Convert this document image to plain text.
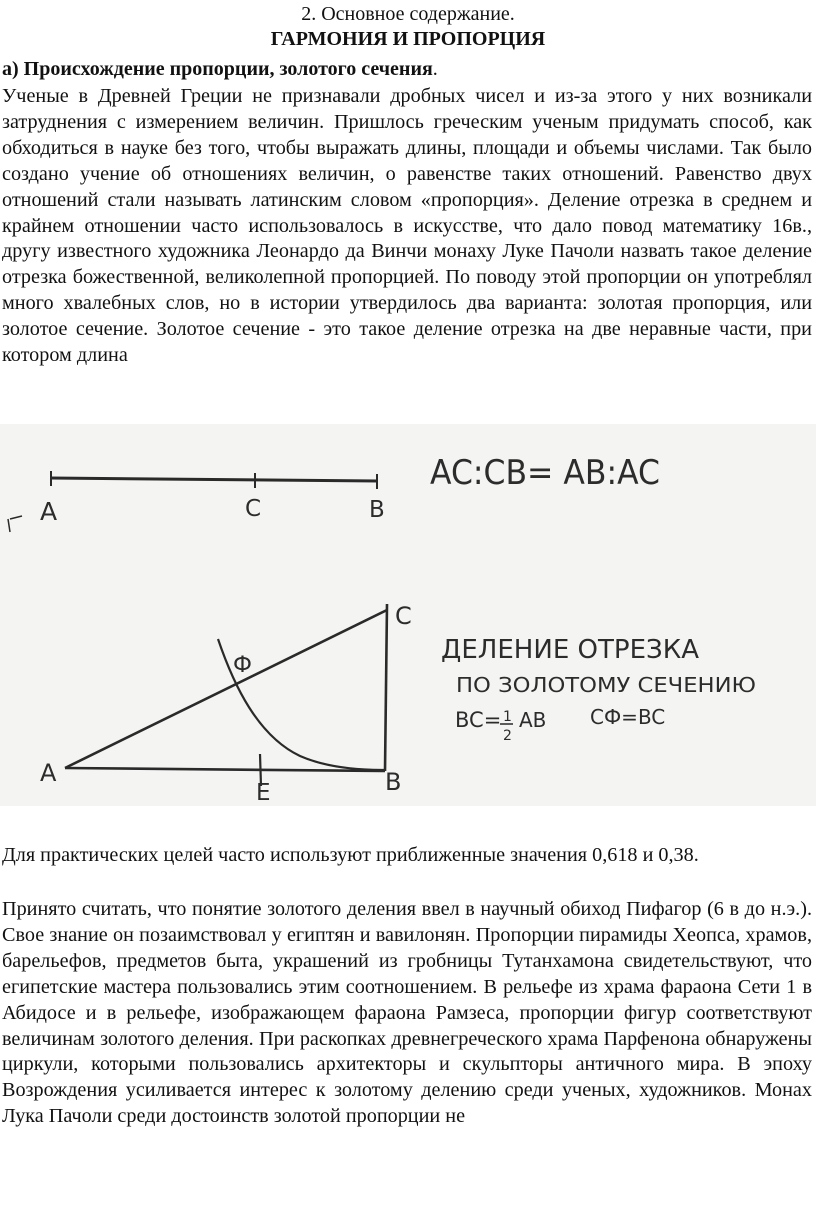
2. Основное содержание.
ГАРМОНИЯ И ПРОПОРЦИЯ
а) Происхождение пропорции, золотого сечения.

Ученые в Древней Греции не признавали дробных чисел и из-за этого у них возникали затруднения с измерением величин. Пришлось греческим ученым придумать способ, как обходиться в науке без того, чтобы выражать длины, площади и объемы числами. Так было создано учение об отношениях величин, о равенстве таких отношений. Равенство двух отношений стали называть латинским словом «пропорция». Деление отрезка в среднем и крайнем отношении часто использовалось в искусстве, что дало повод математику 16в., другу известного художника Леонардо да Винчи монаху Луке Пачоли назвать такое деление отрезка божественной, великолепной пропорцией. По поводу этой пропорции он употреблял много хвалебных слов, но в истории утвердилось два варианта: золотая пропорция, или золотое сечение. Золотое сечение - это такое деление отрезка на две неравные части, при котором длина

A	C	B
AC:CB= AB:AC
A	B
C
Ф
Е
ДЕЛЕНИЕ ОТРЕЗКА
ПО ЗОЛОТОМУ СЕЧЕНИЮ
BC= 1
2
AB CФ=BC

Для практических целей часто используют приближенные значения 0,618 и 0,38.

Принято считать, что понятие золотого деления ввел в научный обиход Пифагор (6 в до н.э.). Свое знание он позаимствовал у египтян и вавилонян. Пропорции пирамиды Хеопса, храмов, барельефов, предметов быта, украшений из гробницы Тутанхамона свидетельствуют, что египетские мастера пользовались этим соотношением. В рельефе из храма фараона Сети 1 в Абидосе и в рельефе, изображающем фараона Рамзеса, пропорции фигур соответствуют величинам золотого деления. При раскопках древнегреческого храма Парфенона обнаружены циркули, которыми пользовались архитекторы и скульпторы античного мира. В эпоху Возрождения усиливается интерес к золотому делению среди ученых, художников. Монах Лука Пачоли среди достоинств золотой пропорции не
